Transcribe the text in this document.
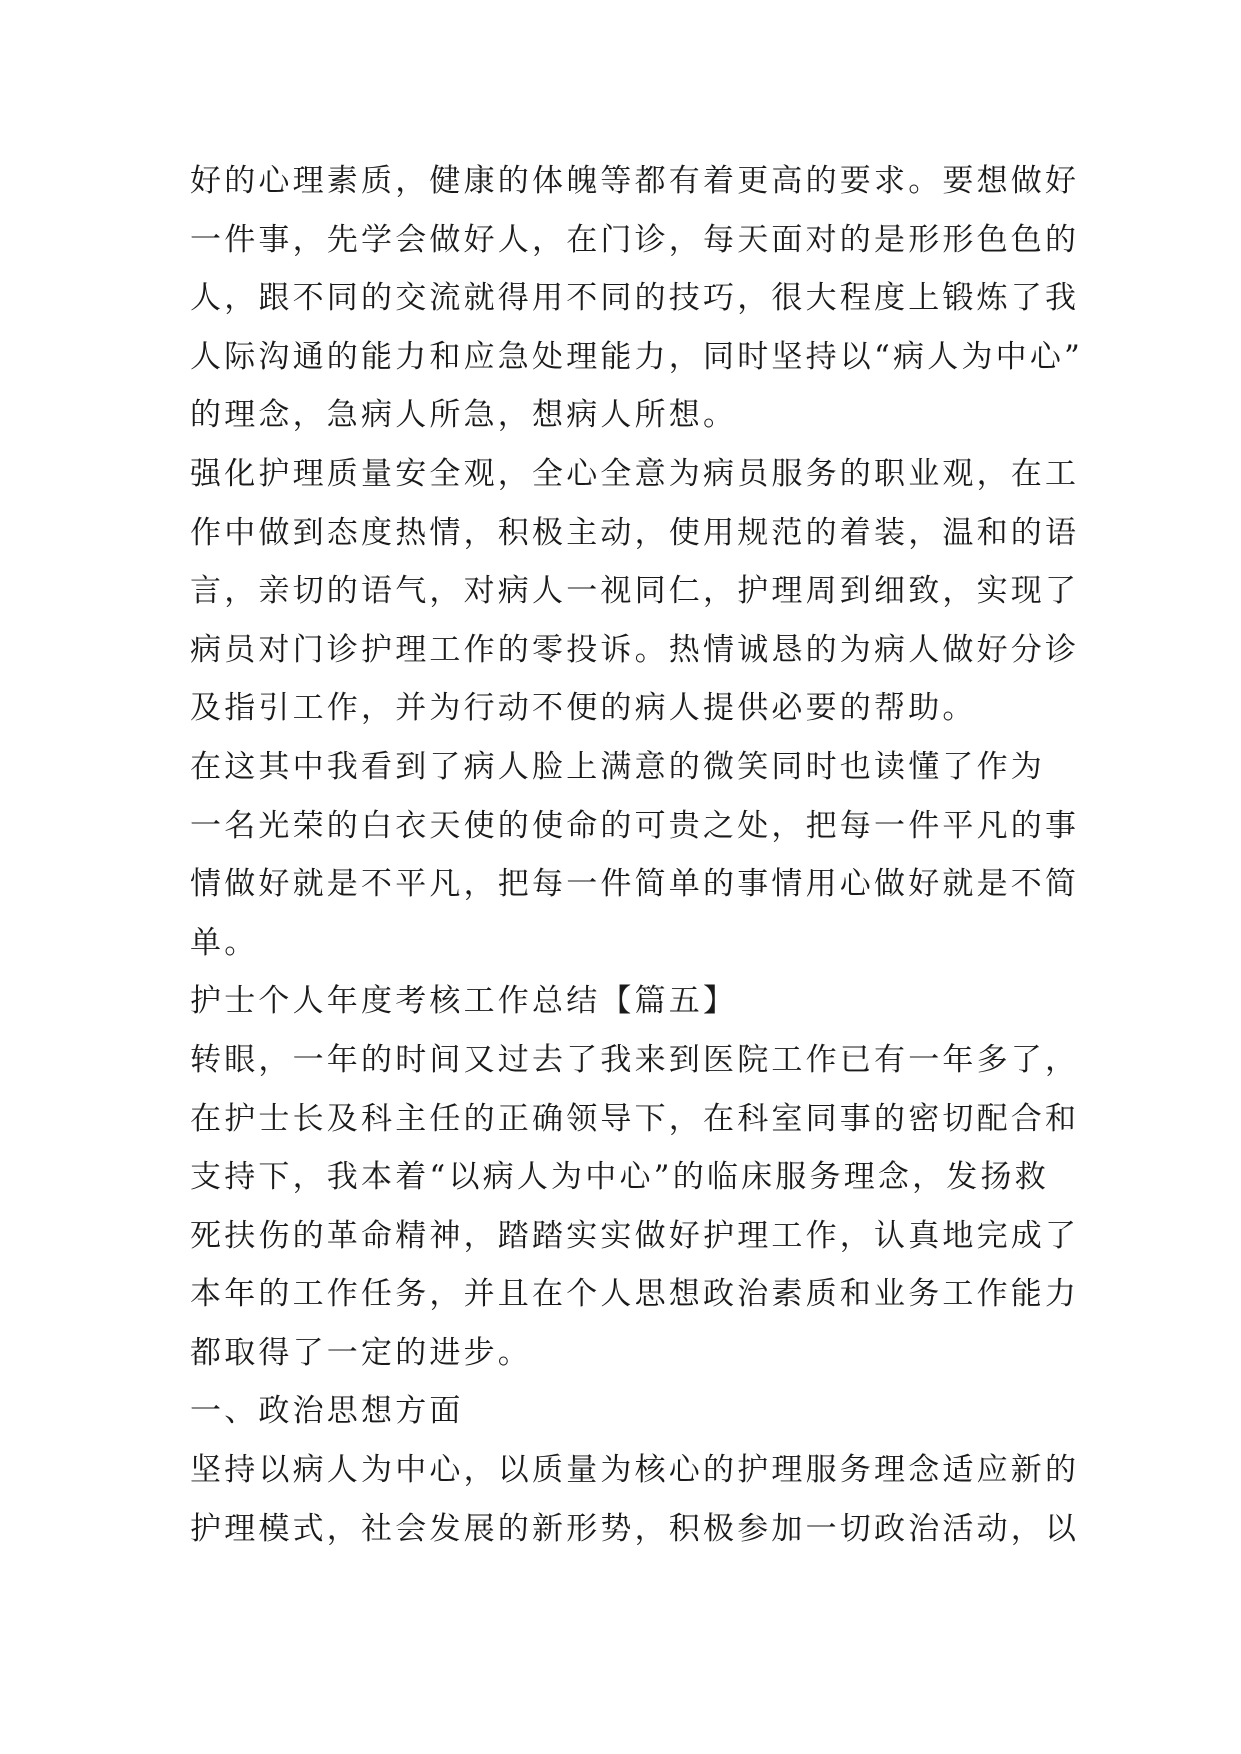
好的心理素质，健康的体魄等都有着更高的要求。要想做好
一件事，先学会做好人，在门诊，每天面对的是形形色色的
人，跟不同的交流就得用不同的技巧，很大程度上锻炼了我
人际沟通的能力和应急处理能力，同时坚持以“病人为中心”
的理念，急病人所急，想病人所想。
强化护理质量安全观，全心全意为病员服务的职业观，在工
作中做到态度热情，积极主动，使用规范的着装，温和的语
言，亲切的语气，对病人一视同仁，护理周到细致，实现了
病员对门诊护理工作的零投诉。热情诚恳的为病人做好分诊
及指引工作，并为行动不便的病人提供必要的帮助。
在这其中我看到了病人脸上满意的微笑同时也读懂了作为
一名光荣的白衣天使的使命的可贵之处，把每一件平凡的事
情做好就是不平凡，把每一件简单的事情用心做好就是不简
单。
护士个人年度考核工作总结【篇五】
转眼，一年的时间又过去了我来到医院工作已有一年多了，
在护士长及科主任的正确领导下，在科室同事的密切配合和
支持下，我本着“以病人为中心”的临床服务理念，发扬救
死扶伤的革命精神，踏踏实实做好护理工作，认真地完成了
本年的工作任务，并且在个人思想政治素质和业务工作能力
都取得了一定的进步。
一、政治思想方面
坚持以病人为中心，以质量为核心的护理服务理念适应新的
护理模式，社会发展的新形势，积极参加一切政治活动，以
